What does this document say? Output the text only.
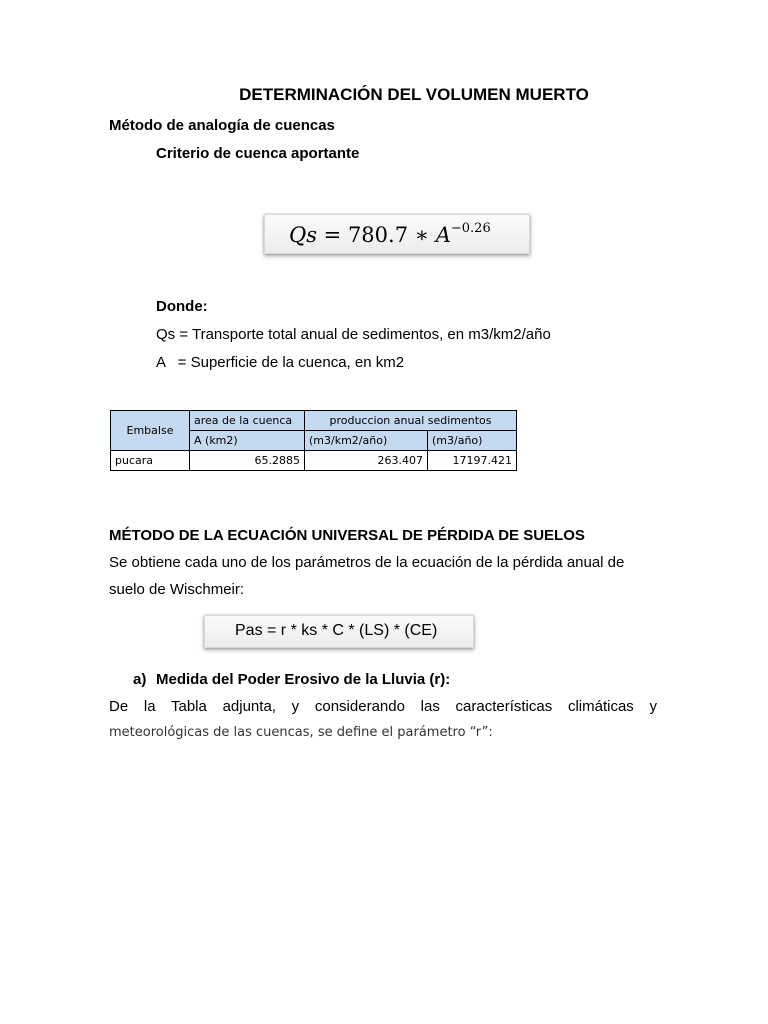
DETERMINACIÓN DEL VOLUMEN MUERTO
Método de analogía de cuencas
Criterio de cuenca aportante
Qs = 780.7 ∗ $A^{-0.26}$
Donde:
Qs = Transporte total anual de sedimentos, en m3/km2/año
A   = Superficie de la cuenca, en km2
Embalse	area de la cuenca	produccion anual sedimentos	
	A (km2)	(m3/km2/año)	(m3/año)
pucara	65.2885	263.407	17197.421
MÉTODO DE LA ECUACIÓN UNIVERSAL DE PÉRDIDA DE SUELOS
Se obtiene cada uno de los parámetros de la ecuación de la pérdida anual de
suelo de Wischmeir:
Pas = r * ks * C * (LS) * (CE)
a) Medida del Poder Erosivo de la Lluvia (r):
De la Tabla adjunta, y considerando las características climáticas y
meteorológicas de las cuencas, se define el parámetro “r”:
